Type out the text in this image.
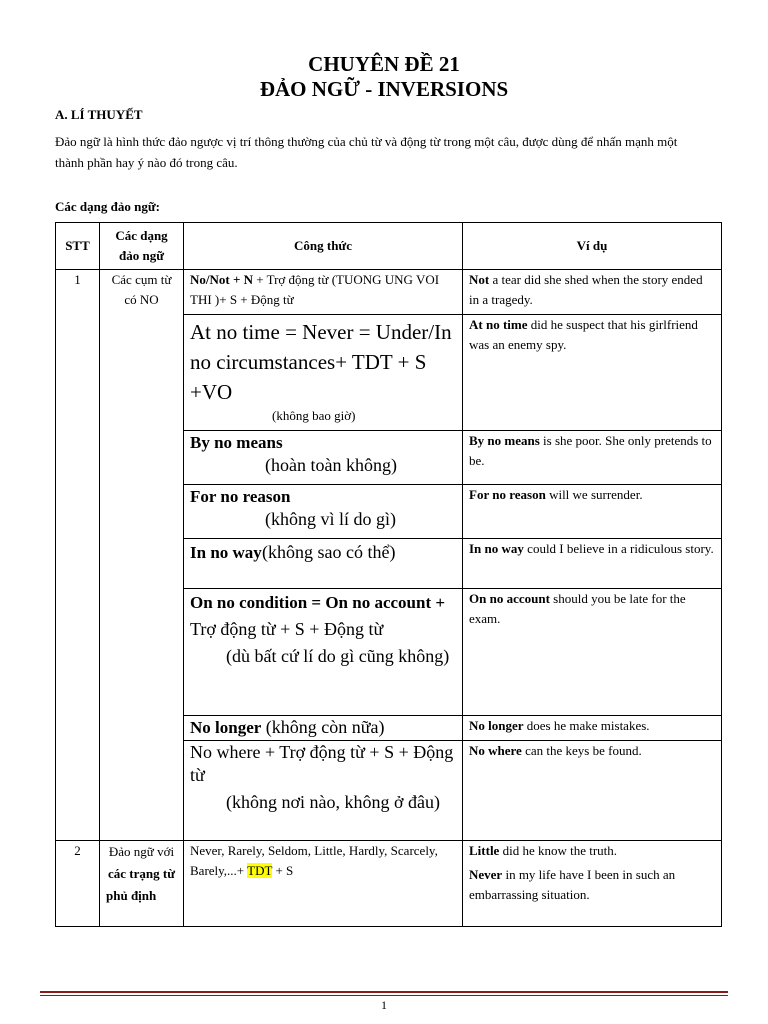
CHUYÊN ĐỀ 21
ĐẢO NGỮ - INVERSIONS
A. LÍ THUYẾT
Đảo ngữ là hình thức đảo ngược vị trí thông thường của chủ từ và động từ trong một câu, được dùng để nhấn mạnh một thành phần hay ý nào đó trong câu.
Các dạng đảo ngữ:
STT	Các dạng đảo ngữ	Công thức	Ví dụ
1	Các cụm từ có NO	No/Not + N + Trợ động từ (TUONG UNG VOI THI )+ S + Động từ	Not a tear did she shed when the story ended in a tragedy.

		At no time = Never = Under/In no circumstances+ TDT + S +VO
(không bao giờ)	At no time did he suspect that his girlfriend was an enemy spy.

		By no means
(hoàn toàn không)	By no means is she poor. She only pretends to be.

		For no reason
(không vì lí do gì)	For no reason will we surrender.

		In no way (không sao có thể)	In no way could I believe in a ridiculous story.

		On no condition = On no account +
Trợ động từ + S + Động từ
(dù bất cứ lí do gì cũng không)	On no account should you be late for the exam.
		No longer (không còn nữa)	No longer does he make mistakes.

		No where + Trợ động từ + S + Động từ
(không nơi nào, không ở đâu)	No where can the keys be found.
2	Đảo ngữ với các trạng từ phủ định	Never, Rarely, Seldom, Little, Hardly, Scarcely, Barely,...+ TDT + S	Little did he know the truth.
Never in my life have I been in such an embarrassing situation.
1
